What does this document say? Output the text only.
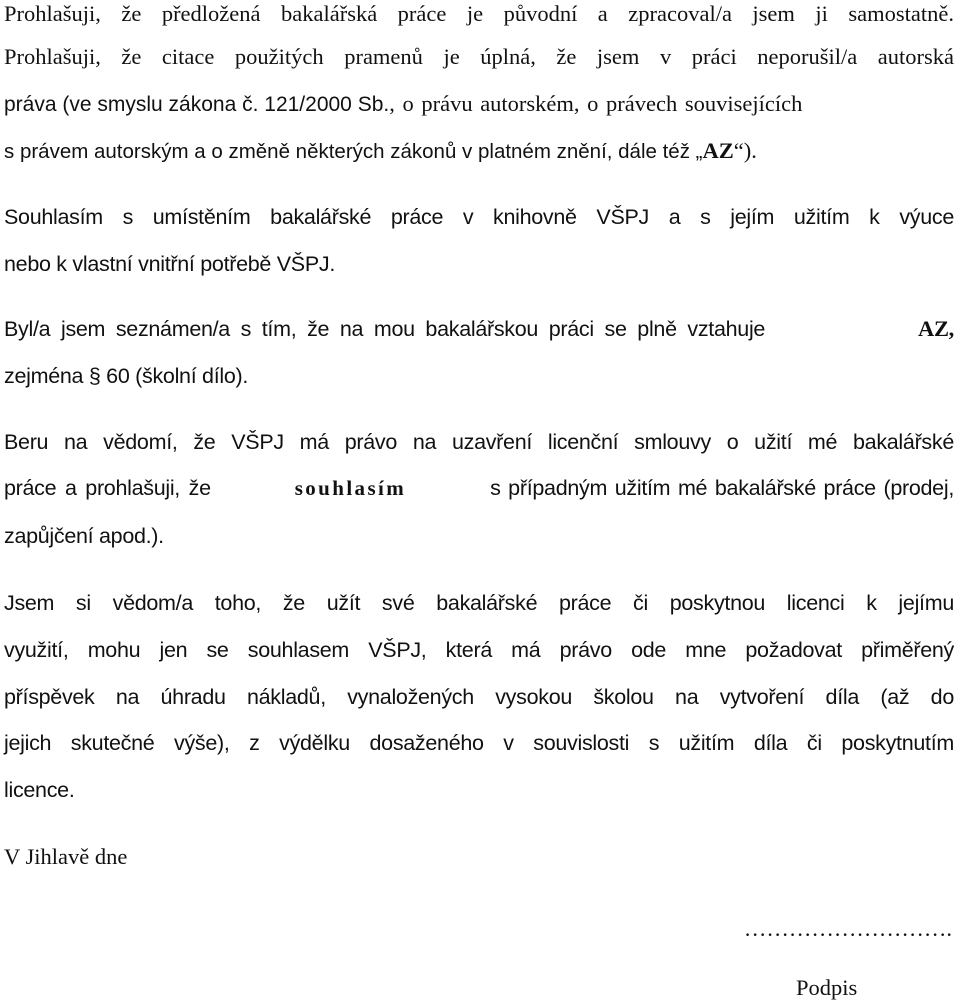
Prohlašuji, že předložená bakalářská práce je původní a zpracoval/a jsem ji samostatně.
Prohlašuji, že citace použitých pramenů je úplná, že jsem v práci neporušil/a autorská
práva (ve smyslu zákona č. 121/2000 Sb., o právu autorském, o právech souvisejících
s právem autorským a o změně některých zákonů v platném znění, dále též „AZ“).
Souhlasím s umístěním bakalářské práce v knihovně VŠPJ a s jejím užitím k výuce
nebo k vlastní vnitřní potřebě VŠPJ.
Byl/a jsem seznámen/a s tím, že na mou bakalářskou práci se plně vztahuje	AZ,
zejména § 60 (školní dílo).
Beru na vědomí, že VŠPJ má právo na uzavření licenční smlouvy o užití mé bakalářské
práce a prohlašuji, že	souhlasím	s případným užitím mé bakalářské práce (prodej,
zapůjčení apod.).
Jsem si vědom/a toho, že užít své bakalářské práce či poskytnou licenci k jejímu
využití, mohu jen se souhlasem VŠPJ, která má právo ode mne požadovat přiměřený
příspěvek na úhradu nákladů, vynaložených vysokou školou na vytvoření díla (až do
jejich skutečné výše), z výdělku dosaženého v souvislosti s užitím díla či poskytnutím
licence.
V Jihlavě dne
……………………….
Podpis
